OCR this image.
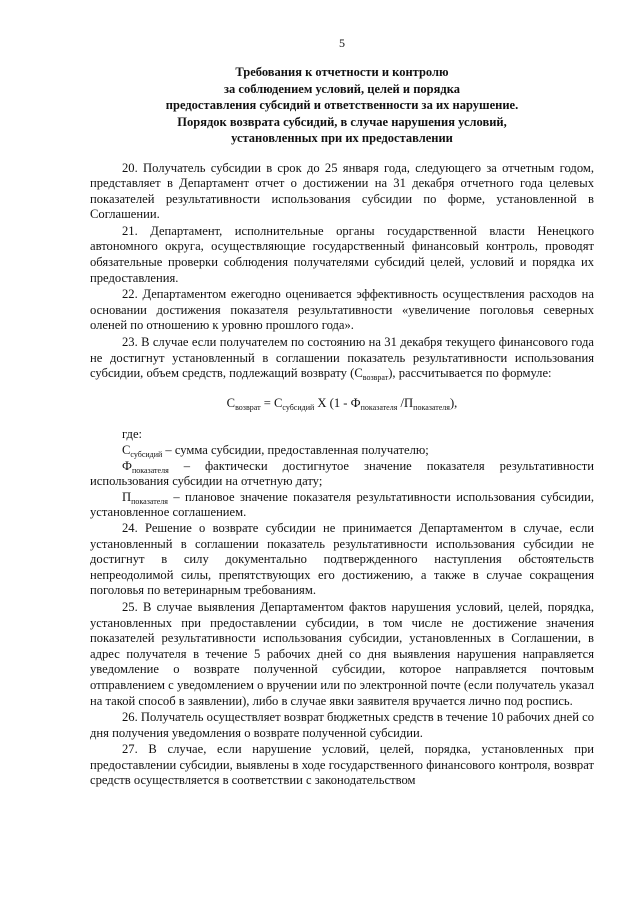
5
Требования к отчетности и контролю
за соблюдением условий, целей и порядка
предоставления субсидий и ответственности за их нарушение.
Порядок возврата субсидий, в случае нарушения условий,
установленных при их предоставлении

20. Получатель субсидии в срок до 25 января года, следующего за отчетным годом, представляет в Департамент отчет о достижении на 31 декабря отчетного года целевых показателей результативности использования субсидии по форме, установленной в Соглашении.

21. Департамент, исполнительные органы государственной власти Ненецкого автономного округа, осуществляющие государственный финансовый контроль, проводят обязательные проверки соблюдения получателями субсидий целей, условий и порядка их предоставления.

22. Департаментом ежегодно оценивается эффективность осуществления расходов на основании достижения показателя результативности «увеличение поголовья северных оленей по отношению к уровню прошлого года».

23. В случае если получателем по состоянию на 31 декабря текущего финансового года не достигнут установленный в соглашении показатель результативности использования субсидии, объем средств, подлежащий возврату $(С_{возврат})$, рассчитывается по формуле:

$С_{возврат} = С_{субсидий}$ X ($1 - Ф_{показателя}$ $/П_{показателя}$),

где:

$С_{субсидий}$ – сумма субсидии, предоставленная получателю;

$Ф_{показателя}$ – фактически достигнутое значение показателя результативности использования субсидии на отчетную дату;

$П_{показателя}$ – плановое значение показателя результативности использования субсидии, установленное соглашением.

24. Решение о возврате субсидии не принимается Департаментом в случае, если установленный в соглашении показатель результативности использования субсидии не достигнут в силу документально подтвержденного наступления обстоятельств непреодолимой силы, препятствующих его достижению, а также в случае сокращения поголовья по ветеринарным требованиям.

25. В случае выявления Департаментом фактов нарушения условий, целей, порядка, установленных при предоставлении субсидии, в том числе не достижение значения показателей результативности использования субсидии, установленных в Соглашении, в адрес получателя в течение 5 рабочих дней со дня выявления нарушения направляется уведомление о возврате полученной субсидии, которое направляется почтовым отправлением с уведомлением о вручении или по электронной почте (если получатель указал на такой способ в заявлении), либо в случае явки заявителя вручается лично под роспись.

26. Получатель осуществляет возврат бюджетных средств в течение 10 рабочих дней со дня получения уведомления о возврате полученной субсидии.

27. В случае, если нарушение условий, целей, порядка, установленных при предоставлении субсидии, выявлены в ходе государственного финансового контроля, возврат средств осуществляется в соответствии с законодательством
